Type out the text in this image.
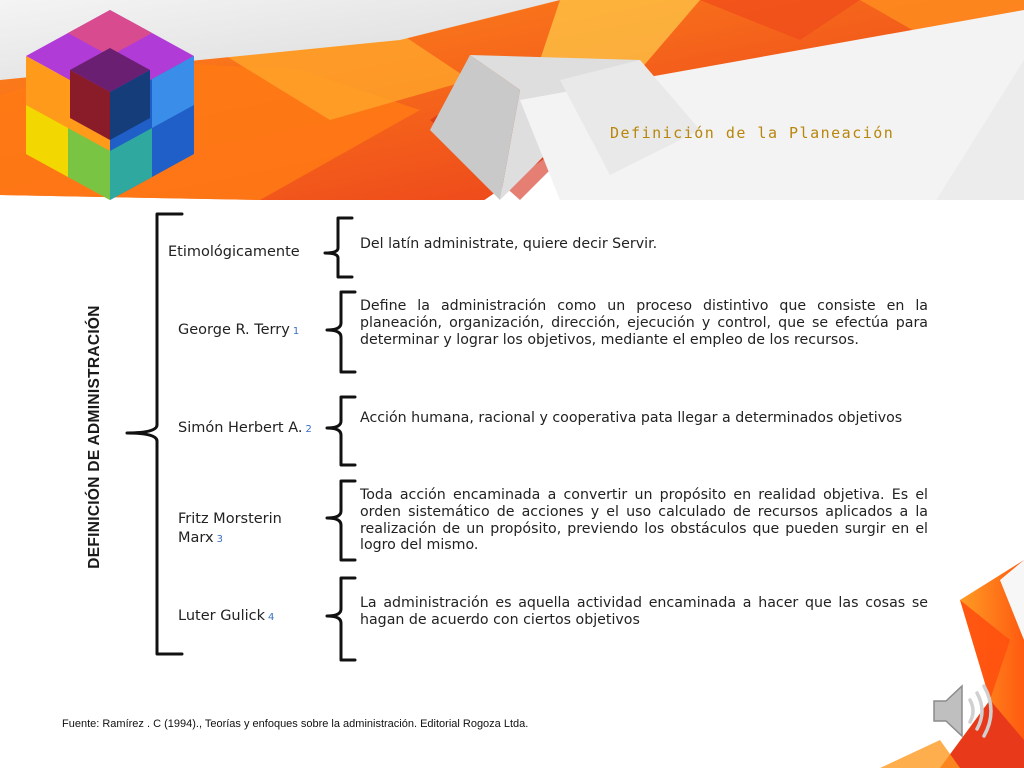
Definición de la Planeación
DEFINICIÓN DE ADMINISTRACIÓN
Etimológicamente
George R. Terry 1
Simón Herbert A. 2
Fritz Morsterin
Marx 3
Luter Gulick 4
Del latín administrate, quiere decir Servir.
Define la administración como un proceso distintivo que consiste en la planeación, organización, dirección, ejecución y control, que se efectúa para determinar y lograr los objetivos, mediante el empleo de los recursos.
Acción humana, racional y cooperativa pata llegar a determinados objetivos
Toda acción encaminada a convertir un propósito en realidad objetiva. Es el orden sistemático de acciones y el uso calculado de recursos aplicados a la realización de un propósito, previendo los obstáculos que pueden surgir en el logro del mismo.
La administración es aquella actividad encaminada a hacer que las cosas se hagan de acuerdo con ciertos objetivos
Fuente: Ramírez . C (1994)., Teorías y enfoques sobre la administración. Editorial Rogoza Ltda.
